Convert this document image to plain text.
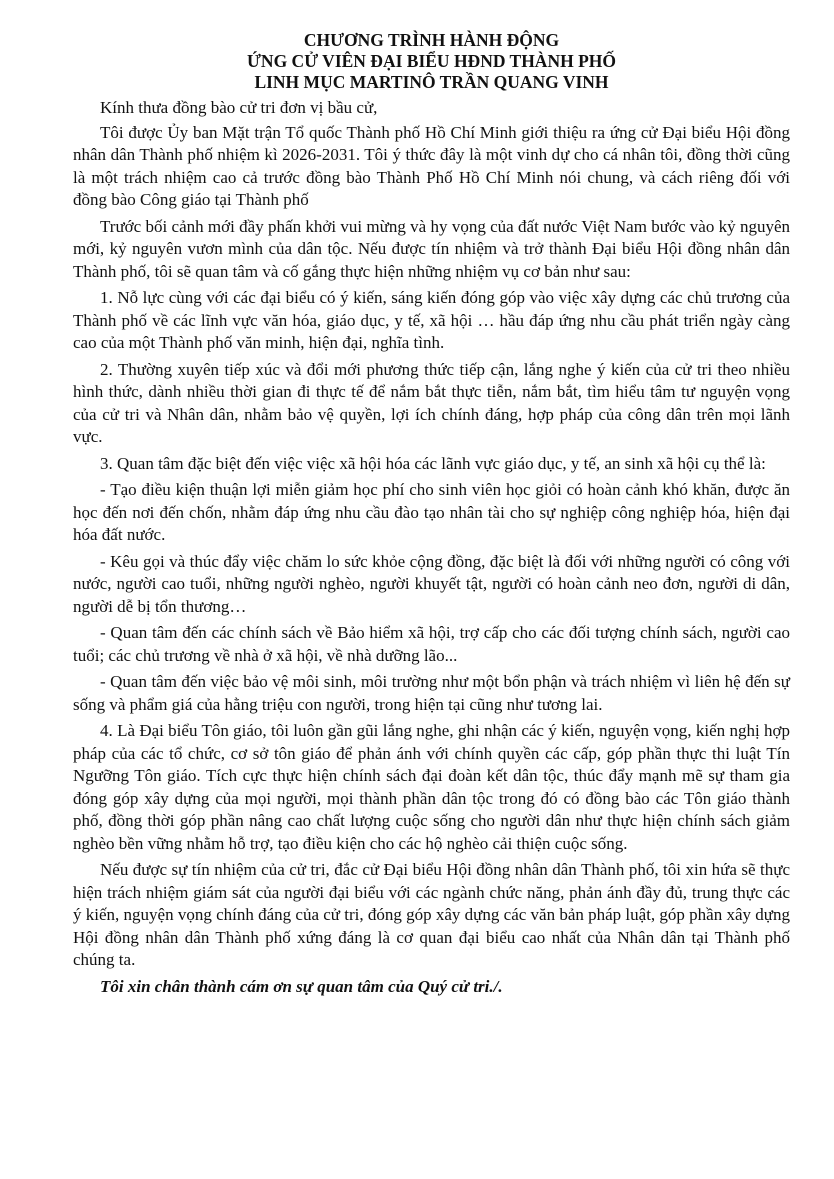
CHƯƠNG TRÌNH HÀNH ĐỘNG
ỨNG CỬ VIÊN ĐẠI BIỂU HĐND THÀNH PHỐ
LINH MỤC MARTINÔ TRẦN QUANG VINH

Kính thưa đồng bào cử tri đơn vị bầu cử,

Tôi được Ủy ban Mặt trận Tổ quốc Thành phố Hồ Chí Minh giới thiệu ra ứng cử Đại biểu Hội đồng nhân dân Thành phố nhiệm kì 2026-2031. Tôi ý thức đây là một vinh dự cho cá nhân tôi, đồng thời cũng là một trách nhiệm cao cả trước đồng bào Thành Phố Hồ Chí Minh nói chung, và cách riêng đối với đồng bào Công giáo tại Thành phố

Trước bối cảnh mới đầy phấn khởi vui mừng và hy vọng của đất nước Việt Nam bước vào kỷ nguyên mới, kỷ nguyên vươn mình của dân tộc. Nếu được tín nhiệm và trở thành Đại biểu Hội đồng nhân dân Thành phố, tôi sẽ quan tâm và cố gắng thực hiện những nhiệm vụ cơ bản như sau:

1. Nỗ lực cùng với các đại biểu có ý kiến, sáng kiến đóng góp vào việc xây dựng các chủ trương của Thành phố về các lĩnh vực văn hóa, giáo dục, y tế, xã hội … hầu đáp ứng nhu cầu phát triển ngày càng cao của một Thành phố văn minh, hiện đại, nghĩa tình.

2. Thường xuyên tiếp xúc và đổi mới phương thức tiếp cận, lắng nghe ý kiến của cử tri theo nhiều hình thức, dành nhiều thời gian đi thực tế để nắm bắt thực tiễn, nắm bắt, tìm hiểu tâm tư nguyện vọng của cử tri và Nhân dân, nhằm bảo vệ quyền, lợi ích chính đáng, hợp pháp của công dân trên mọi lãnh vực.

3. Quan tâm đặc biệt đến việc việc xã hội hóa các lãnh vực giáo dục, y tế, an sinh xã hội cụ thể là:

- Tạo điều kiện thuận lợi miễn giảm học phí cho sinh viên học giỏi có hoàn cảnh khó khăn, được ăn học đến nơi đến chốn, nhằm đáp ứng nhu cầu đào tạo nhân tài cho sự nghiệp công nghiệp hóa, hiện đại hóa đất nước.

- Kêu gọi và thúc đẩy việc chăm lo sức khỏe cộng đồng, đặc biệt là đối với những người có công với nước, người cao tuổi, những người nghèo, người khuyết tật, người có hoàn cảnh neo đơn, người di dân, người dễ bị tổn thương…

- Quan tâm đến các chính sách về Bảo hiểm xã hội, trợ cấp cho các đối tượng chính sách, người cao tuổi; các chủ trương về nhà ở xã hội, về nhà dưỡng lão...

- Quan tâm đến việc bảo vệ môi sinh, môi trường như một bổn phận và trách nhiệm vì liên hệ đến sự sống và phẩm giá của hằng triệu con người, trong hiện tại cũng như tương lai.

4. Là Đại biểu Tôn giáo, tôi luôn gần gũi lắng nghe, ghi nhận các ý kiến, nguyện vọng, kiến nghị hợp pháp của các tổ chức, cơ sở tôn giáo để phản ánh với chính quyền các cấp, góp phần thực thi luật Tín Ngưỡng Tôn giáo. Tích cực thực hiện chính sách đại đoàn kết dân tộc, thúc đẩy mạnh mẽ sự tham gia đóng góp xây dựng của mọi người, mọi thành phần dân tộc trong đó có đồng bào các Tôn giáo thành phố, đồng thời góp phần nâng cao chất lượng cuộc sống cho người dân như thực hiện chính sách giảm nghèo bền vững nhằm hỗ trợ, tạo điều kiện cho các hộ nghèo cải thiện cuộc sống.

Nếu được sự tín nhiệm của cử tri, đắc cử Đại biểu Hội đồng nhân dân Thành phố, tôi xin hứa sẽ thực hiện trách nhiệm giám sát của người đại biểu với các ngành chức năng, phản ánh đầy đủ, trung thực các ý kiến, nguyện vọng chính đáng của cử tri, đóng góp xây dựng các văn bản pháp luật, góp phần xây dựng Hội đồng nhân dân Thành phố xứng đáng là cơ quan đại biểu cao nhất của Nhân dân tại Thành phố chúng ta.

Tôi xin chân thành cám ơn sự quan tâm của Quý cử tri./.
